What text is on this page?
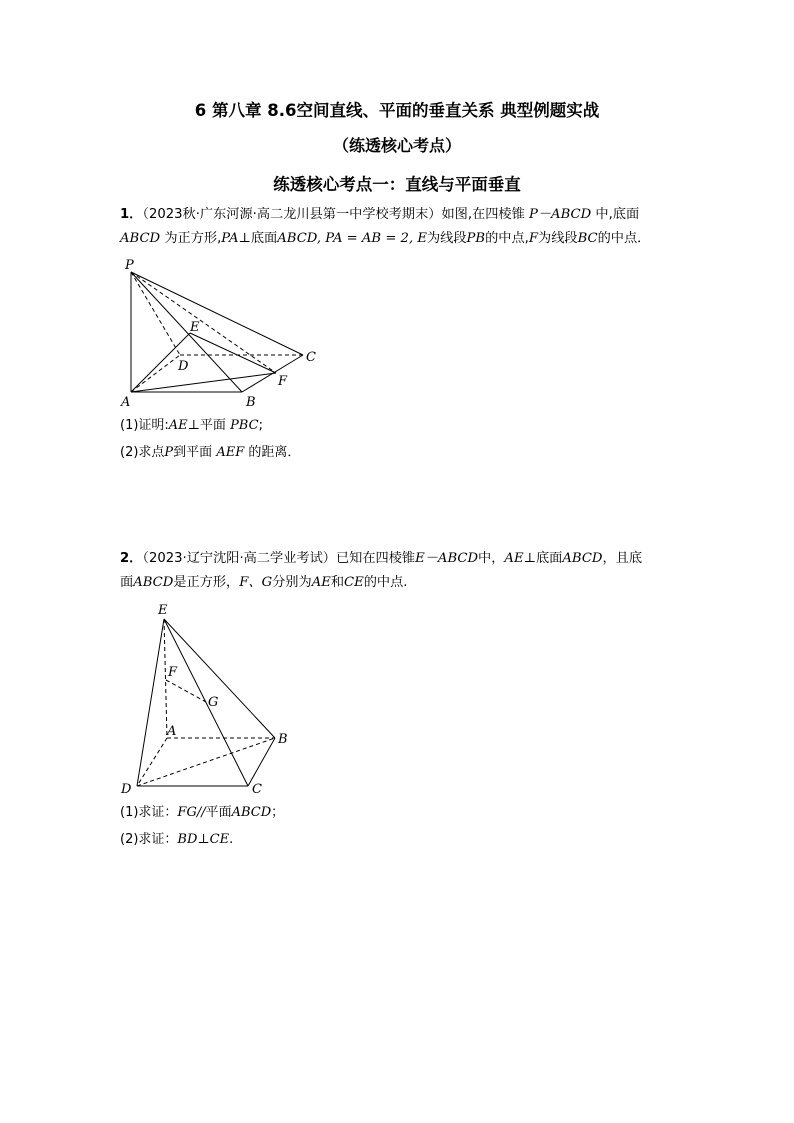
6 第八章 8.6空间直线、平面的垂直关系 典型例题实战
（练透核心考点）
练透核心考点一：直线与平面垂直
1．（2023秋·广东河源·高二龙川县第一中学校考期末）如图,在四棱锥 P－ABCD 中,底面
ABCD 为正方形,PA⊥底面ABCD, PA = AB = 2, E为线段PB的中点,F为线段BC的中点．
P
E
D
C
F
A	B
(1)证明:AE⊥平面 PBC;
(2)求点P到平面 AEF 的距离．
2．（2023·辽宁沈阳·高二学业考试）已知在四棱锥E－ABCD中，AE⊥底面ABCD，且底
面ABCD是正方形，F、G分别为AE和CE的中点.
E
F
G
A
B
D	C
(1)求证：FG//平面ABCD；
(2)求证：BD⊥CE.
